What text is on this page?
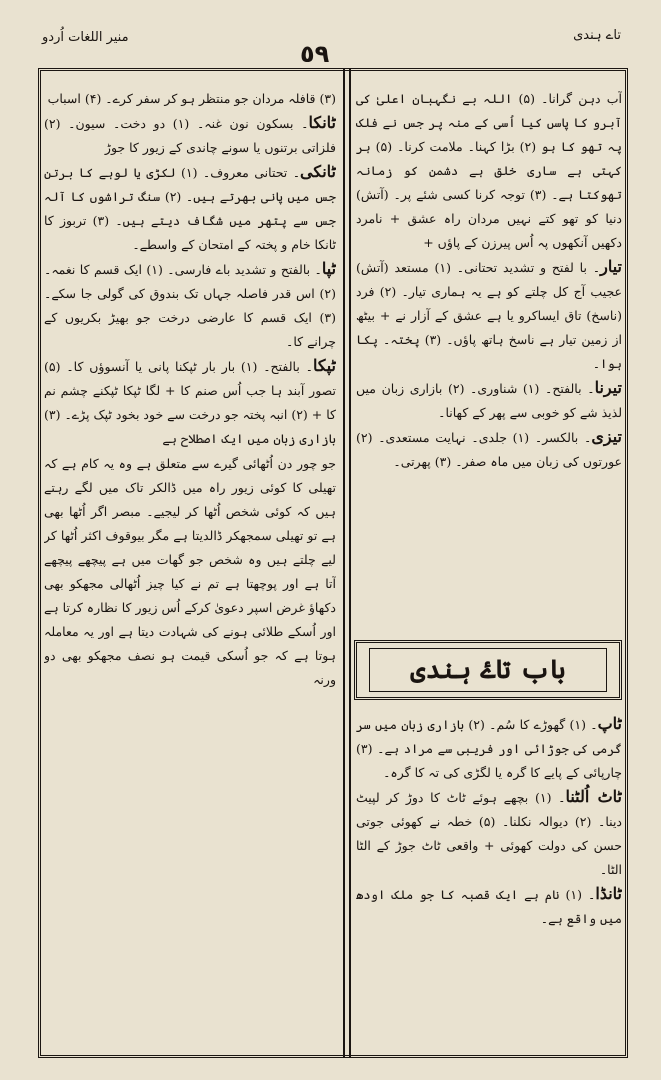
منیر اللغات اُردو
٥٩
تاے ہندی

آب دہن گرانا۔ (۵) اللہ بے نگہبان اعلیٰ کی آبرو کا پاسں کیا اُسی کے منہ پر جس نے فلک پہ تھو کا ہو (۲) بڑا کہنا۔ ملامت کرنا۔ (۵) ہر کہتی ہے ساری خلق ہے دشمن کو زمانہ تھوکتا ہے۔ (۳) توجہ کرنا کسی شئے پر۔ (آتش) دنیا کو تھو کتے نہیں مردان راہ عشق + نامرد دکھیں آنکھوں پہ اُس پیرزن کے پاؤں +

تیار۔ با لفتح و تشدید تحتانی۔ (۱) مستعد (آتش) عجیب آج کل چلتے کو ہے یہ ہماری تیار۔ (۲) فرد (ناسخ) تاق ایساکرو یا ہے عشق کے آزار نے + بیٹھ از زمین تیار ہے ناسخ ہاتھ پاؤں۔ (۳) پختہ۔ پکا ہوا۔

تیرنا۔ بالفتح۔ (۱) شناوری۔ (۲) بازاری زبان میں لذیذ شے کو خوبی سے پھر کے کھانا۔

تیزی۔ بالکسر۔ (۱) جلدی۔ نہایت مستعدی۔ (۲) عورتوں کی زبان میں ماہ صفر۔ (۳) پھرتی۔

باب تاۓ ہندی

ٹاپ۔ (۱) گھوڑے کا سُم۔ (۲) بازاری زبان میں سر گرمی کی جوڑائی اور فریبی سے مراد ہے۔ (۳) چارپائی کے پایے کا گرہ یا لگڑی کی تہ کا گرہ۔

ٹاٹ اُلٹنا۔ (۱) بچھے ہوئے ٹاٹ کا دوڑ کر لپیٹ دینا۔ (۲) دیوالہ نکلنا۔ (۵) خطہ نے کھوئی جوتی حسن کی دولت کھوئی + واقعی ٹاٹ جوڑ کے الٹا الٹا۔

ٹانڈا۔ (۱) نام ہے ایک قصبہ کا جو ملک اودھ میں واقع ہے۔

(۳) قافلہ مردان جو منتظر ہو کر سفر کرے۔ (۴) اسباب

ٹانکا۔ بسکون نون غنہ۔ (۱) دو دخت۔ سیون۔ (۲) فلزاتی برتنوں یا سونے چاندی کے زیور کا جوڑ

ٹانکی۔ تحتانی معروف۔ (۱) لکڑی یا لوہے کا برتن جس میں پانی بھرتے ہیں۔ (۲) سنگ تراشوں کا آلہ جس سے پتھر میں شگاف دیتے ہیں۔ (۳) تربوز کا ٹانکا خام و پختہ کے امتحان کے واسطے۔

ٹپا۔ بالفتح و تشدید باے فارسی۔ (۱) ایک قسم کا نغمہ۔ (۲) اس قدر فاصلہ جہاں تک بندوق کی گولی جا سکے۔ (۳) ایک قسم کا عارضی درخت جو بھیڑ بکریوں کے چرانے کا۔

ٹپکا۔ بالفتح۔ (۱) بار بار ٹپکنا پانی یا آنسوؤں کا۔ (۵) تصور آبند ہا جب اُس صنم کا + لگا ٹپکا ٹپکنے چشم نم کا + (۲) انبہ پختہ جو درخت سے خود بخود ٹپک پڑے۔ (۳) بازاری زبان میں ایک اصطلاح ہے

جو چور دن اُٹھائی گیرے سے متعلق ہے وہ یہ کام ہے کہ تھیلی کا کوئی زیور راہ میں ڈالکر تاک میں لگے رہتے ہیں کہ کوئی شخص اُٹھا کر لیجیے۔ مبصر اگر اُٹھا بھی ہے تو تھیلی سمجھکر ڈالدیتا ہے مگر بیوقوف اکثر اُٹھا کر لیے چلتے ہیں وہ شخص جو گھات میں ہے پیچھے پیچھے آتا ہے اور پوچھتا ہے تم نے کیا چیز اُٹھالی مجھکو بھی دکھاؤ غرض اسپر دعویٰ کرکے اُس زیور کا نظارہ کرتا ہے اور اُسکے طلائی ہونے کی شہادت دیتا ہے اور یہ معاملہ ہوتا ہے کہ جو اُسکی قیمت ہو نصف مجھکو بھی دو ورنہ
